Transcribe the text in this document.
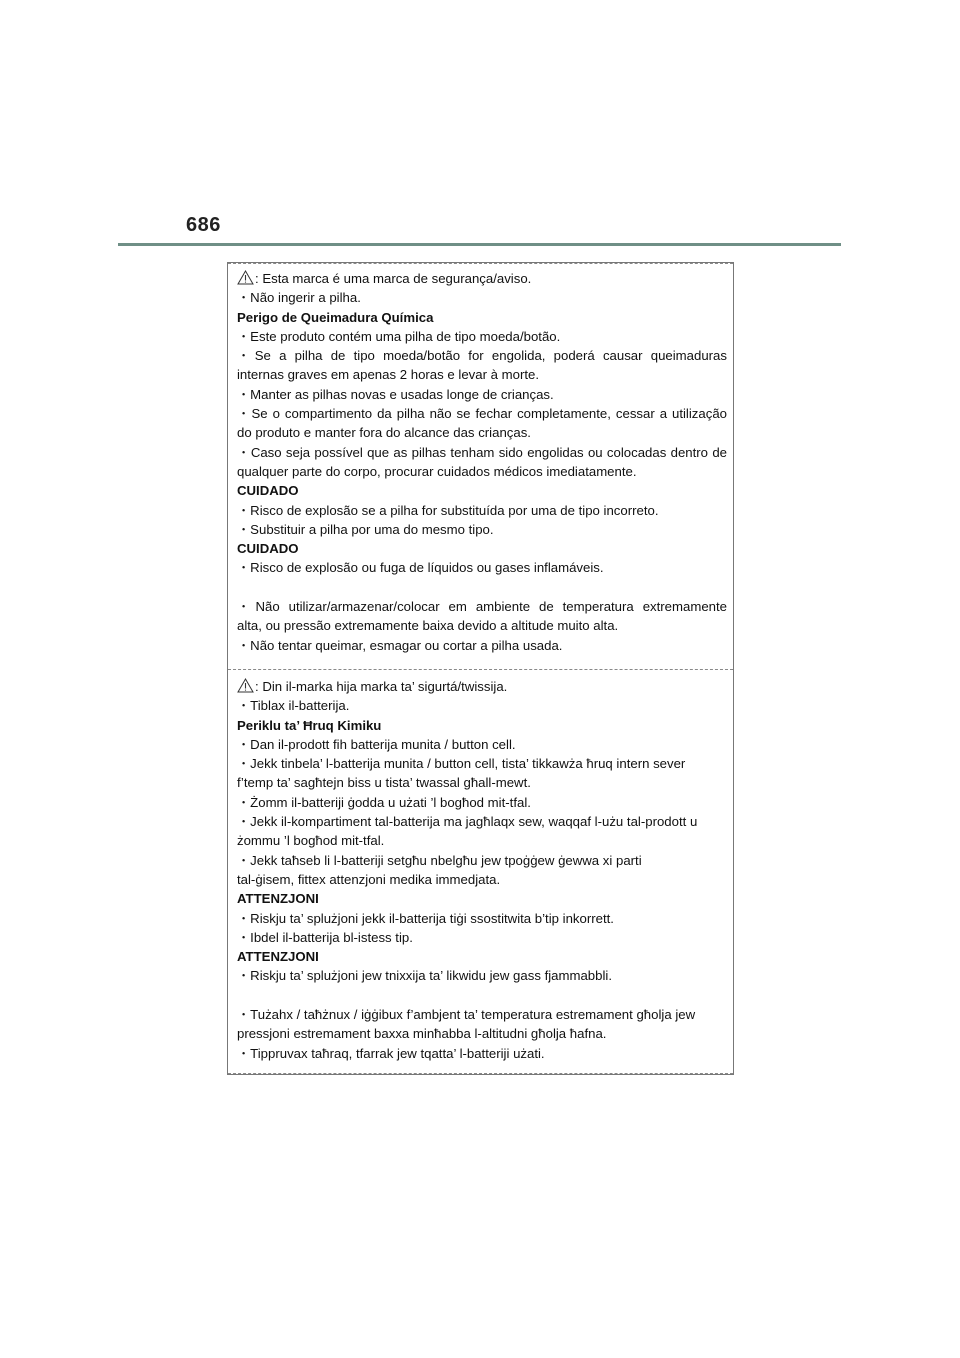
686
: Esta marca é uma marca de segurança/aviso.
・Não ingerir a pilha.
Perigo de Queimadura Química
・Este produto contém uma pilha de tipo moeda/botão.
・Se a pilha de tipo moeda/botão for engolida, poderá causar queimaduras
internas graves em apenas 2 horas e levar à morte.
・Manter as pilhas novas e usadas longe de crianças.
・Se o compartimento da pilha não se fechar completamente, cessar a utilização
do produto e manter fora do alcance das crianças.
・Caso seja possível que as pilhas tenham sido engolidas ou colocadas dentro de
qualquer parte do corpo, procurar cuidados médicos imediatamente.
CUIDADO
・Risco de explosão se a pilha for substituída por uma de tipo incorreto.
・Substituir a pilha por uma do mesmo tipo.
CUIDADO
・Risco de explosão ou fuga de líquidos ou gases inflamáveis.
・Não utilizar/armazenar/colocar em ambiente de temperatura extremamente
alta, ou pressão extremamente baixa devido a altitude muito alta.
・Não tentar queimar, esmagar ou cortar a pilha usada.
: Din il-marka hija marka ta’ sigurtá/twissija.
・Tiblax il-batterija.
Periklu ta’ Ħruq Kimiku
・Dan il-prodott fih batterija munita / button cell.
・Jekk tinbela’ l-batterija munita / button cell, tista’ tikkawża ħruq intern sever
f’temp ta’ sagħtejn biss u tista’ twassal għall-mewt.
・Żomm il-batteriji ġodda u użati ’l bogħod mit-tfal.
・Jekk il-kompartiment tal-batterija ma jagħlaqx sew, waqqaf l-użu tal-prodott u
żommu ’l bogħod mit-tfal.
・Jekk taħseb li l-batteriji setgħu nbelgħu jew tpoġġew ġewwa xi parti
tal-ġisem, fittex attenzjoni medika immedjata.
ATTENZJONI
・Riskju ta’ splużjoni jekk il-batterija tiġi ssostitwita b’tip inkorrett.
・Ibdel il-batterija bl-istess tip.
ATTENZJONI
・Riskju ta’ splużjoni jew tnixxija ta’ likwidu jew gass fjammabbli.
・Tużahx / taħżnux / iġġibux f’ambjent ta’ temperatura estremament għolja jew
pressjoni estremament baxxa minħabba l-altitudni għolja ħafna.
・Tippruvax taħraq, tfarrak jew tqatta’ l-batteriji użati.
